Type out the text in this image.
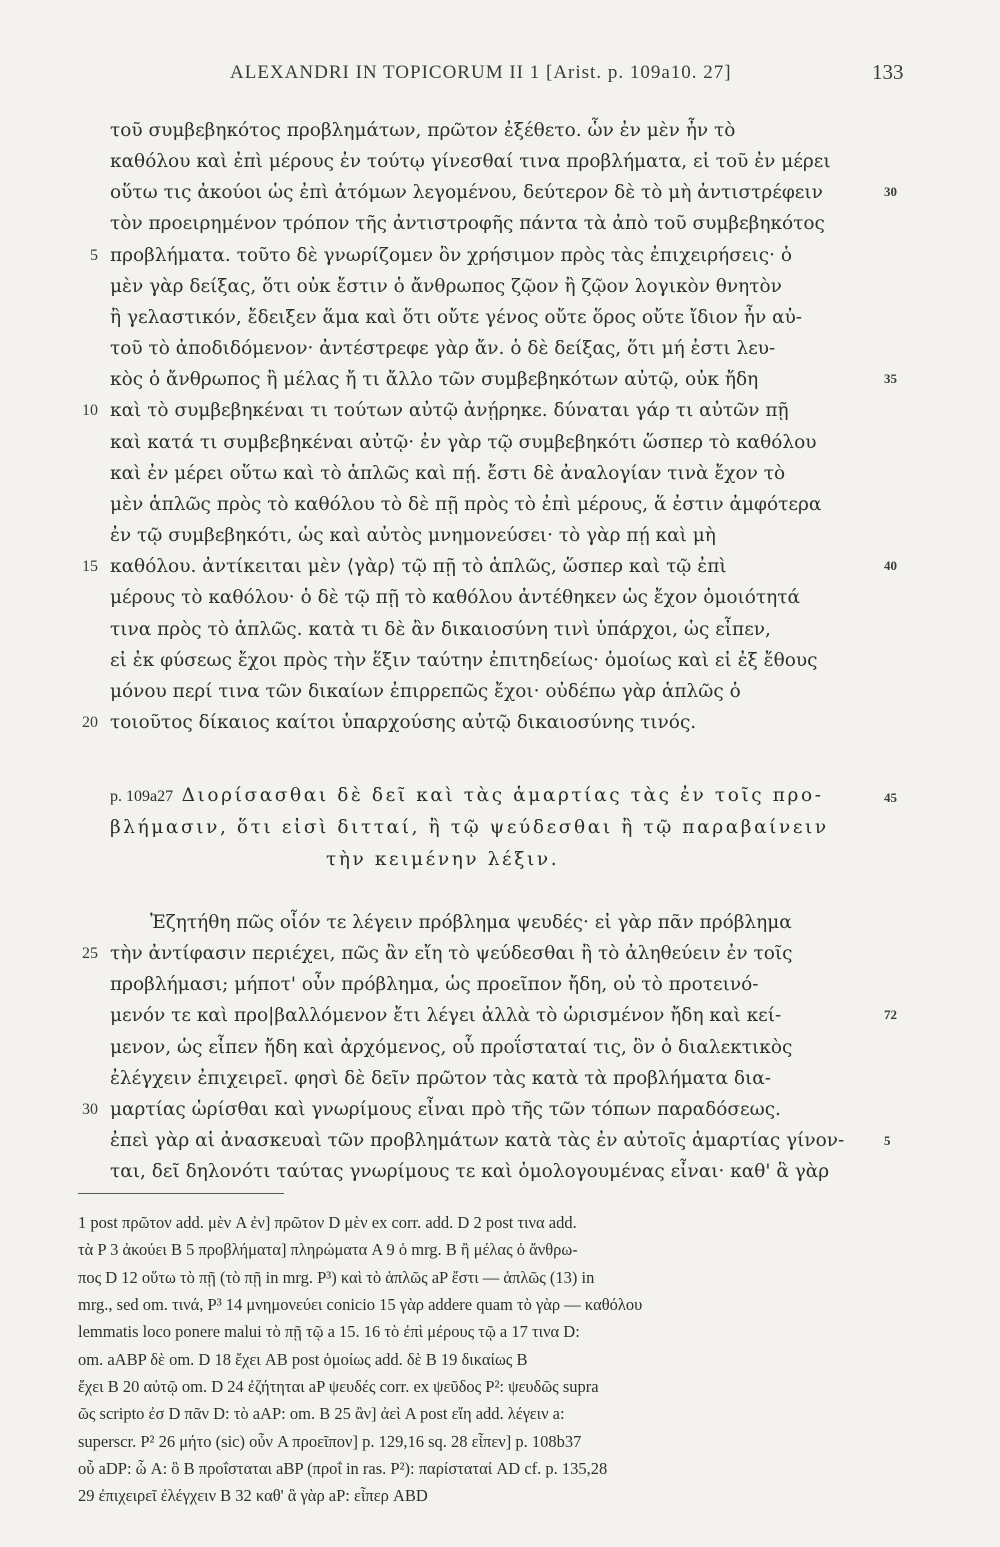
ALEXANDRI IN TOPICORUM II 1 [Arist. p. 109a10. 27]	133
τοῦ συμβεβηκότος προβλημάτων, πρῶτον ἐξέθετο. ὧν ἐν μὲν ἦν τὸ
καθόλου καὶ ἐπὶ μέρους ἐν τούτῳ γίνεσθαί τινα προβλήματα, εἰ τοῦ ἐν μέρει
οὕτω τις ἀκούοι ὡς ἐπὶ ἀτόμων λεγομένου, δεύτερον δὲ τὸ μὴ ἀντιστρέφειν
τὸν προειρημένον τρόπον τῆς ἀντιστροφῆς πάντα τὰ ἀπὸ τοῦ συμβεβηκότος
προβλήματα. τοῦτο δὲ γνωρίζομεν ὂν χρήσιμον πρὸς τὰς ἐπιχειρήσεις· ὁ
μὲν γὰρ δείξας, ὅτι οὐκ ἔστιν ὁ ἄνθρωπος ζῷον ἢ ζῷον λογικὸν θνητὸν
ἢ γελαστικόν, ἔδειξεν ἅμα καὶ ὅτι οὔτε γένος οὔτε ὅρος οὔτε ἴδιον ἦν αὐ-
τοῦ τὸ ἀποδιδόμενον· ἀντέστρεφε γὰρ ἄν. ὁ δὲ δείξας, ὅτι μή ἐστι λευ-
κὸς ὁ ἄνθρωπος ἢ μέλας ἤ τι ἄλλο τῶν συμβεβηκότων αὐτῷ, οὐκ ἤδη
καὶ τὸ συμβεβηκέναι τι τούτων αὐτῷ ἀνῄρηκε. δύναται γάρ τι αὐτῶν πῇ
καὶ κατά τι συμβεβηκέναι αὐτῷ· ἐν γὰρ τῷ συμβεβηκότι ὥσπερ τὸ καθόλου
καὶ ἐν μέρει οὕτω καὶ τὸ ἁπλῶς καὶ πῄ. ἔστι δὲ ἀναλογίαν τινὰ ἔχον τὸ
μὲν ἁπλῶς πρὸς τὸ καθόλου τὸ δὲ πῇ πρὸς τὸ ἐπὶ μέρους, ἅ ἐστιν ἀμφότερα
ἐν τῷ συμβεβηκότι, ὡς καὶ αὐτὸς μνημονεύσει· τὸ γὰρ πῄ καὶ μὴ
καθόλου. ἀντίκειται μὲν ⟨γὰρ⟩ τῷ πῇ τὸ ἁπλῶς, ὥσπερ καὶ τῷ ἐπὶ
μέρους τὸ καθόλου· ὁ δὲ τῷ πῇ τὸ καθόλου ἀντέθηκεν ὡς ἔχον ὁμοιότητά
τινα πρὸς τὸ ἁπλῶς. κατὰ τι δὲ ἂν δικαιοσύνη τινὶ ὑπάρχοι, ὡς εἶπεν,
εἰ ἐκ φύσεως ἔχοι πρὸς τὴν ἕξιν ταύτην ἐπιτηδείως· ὁμοίως καὶ εἰ ἐξ ἔθους
μόνου περί τινα τῶν δικαίων ἐπιρρεπῶς ἔχοι· οὐδέπω γὰρ ἁπλῶς ὁ
τοιοῦτος δίκαιος καίτοι ὑπαρχούσης αὐτῷ δικαιοσύνης τινός.
5
10
15
20
30
35
40
p. 109a27 Διορίσασθαι δὲ δεῖ καὶ τὰς ἁμαρτίας τὰς ἐν τοῖς προ-
βλήμασιν, ὅτι εἰσὶ διτταί, ἢ τῷ ψεύδεσθαι ἢ τῷ παραβαίνειν
τὴν κειμένην λέξιν.
45
Ἐζητήθη πῶς οἷόν τε λέγειν πρόβλημα ψευδές· εἰ γὰρ πᾶν πρόβλημα
τὴν ἀντίφασιν περιέχει, πῶς ἂν εἴη τὸ ψεύδεσθαι ἢ τὸ ἀληθεύειν ἐν τοῖς
προβλήμασι; μήποτ' οὖν πρόβλημα, ὡς προεῖπον ἤδη, οὐ τὸ προτεινό-
μενόν τε καὶ προ|βαλλόμενον ἔτι λέγει ἀλλὰ τὸ ὡρισμένον ἤδη καὶ κεί-
μενον, ὡς εἶπεν ἤδη καὶ ἀρχόμενος, οὗ προΐσταταί τις, ὃν ὁ διαλεκτικὸς
ἐλέγχειν ἐπιχειρεῖ. φησὶ δὲ δεῖν πρῶτον τὰς κατὰ τὰ προβλήματα δια-
μαρτίας ὡρίσθαι καὶ γνωρίμους εἶναι πρὸ τῆς τῶν τόπων παραδόσεως.
ἐπεὶ γὰρ αἱ ἀνασκευαὶ τῶν προβλημάτων κατὰ τὰς ἐν αὐτοῖς ἁμαρτίας γίνον-
ται, δεῖ δηλονότι ταύτας γνωρίμους τε καὶ ὁμολογουμένας εἶναι· καθ' ἃ γὰρ
25
30
72
5
1 post πρῶτον add. μὲν A ἐν] πρῶτον D μὲν ex corr. add. D 2 post τινα add.
τὰ P 3 ἀκούει B 5 προβλήματα] πληρώματα A 9 ὁ mrg. B ἢ μέλας ὁ ἄνθρω-
πος D 12 οὕτω τὸ πῇ (τὸ πῇ in mrg. P³) καὶ τὸ ἁπλῶς aP ἔστι — ἁπλῶς (13) in
mrg., sed om. τινά, P³ 14 μνημονεύει conicio 15 γὰρ addere quam τὸ γὰρ — καθόλου
lemmatis loco ponere malui τὸ πῇ τῷ a 15. 16 τὸ ἐπὶ μέρους τῷ a 17 τινα D:
om. aABP δὲ om. D 18 ἔχει AB post ὁμοίως add. δὲ B 19 δικαίως B
ἔχει B 20 αὐτῷ om. D 24 ἐζήτηται aP ψευδές corr. ex ψεῦδος P²: ψευδῶς supra
ῶς scripto ἐσ D πᾶν D: τὸ aAP: om. B 25 ἂν] ἀεὶ A post εἴη add. λέγειν a:
superscr. P² 26 μήτο (sic) οὖν A προεῖπον] p. 129,16 sq. 28 εἶπεν] p. 108b37
οὗ aDP: ὧ A: ὃ B προΐσταται aBP (προΐ in ras. P²): παρίσταταί AD cf. p. 135,28
29 ἐπιχειρεῖ ἐλέγχειν B 32 καθ' ἃ γὰρ aP: εἶπερ ABD
